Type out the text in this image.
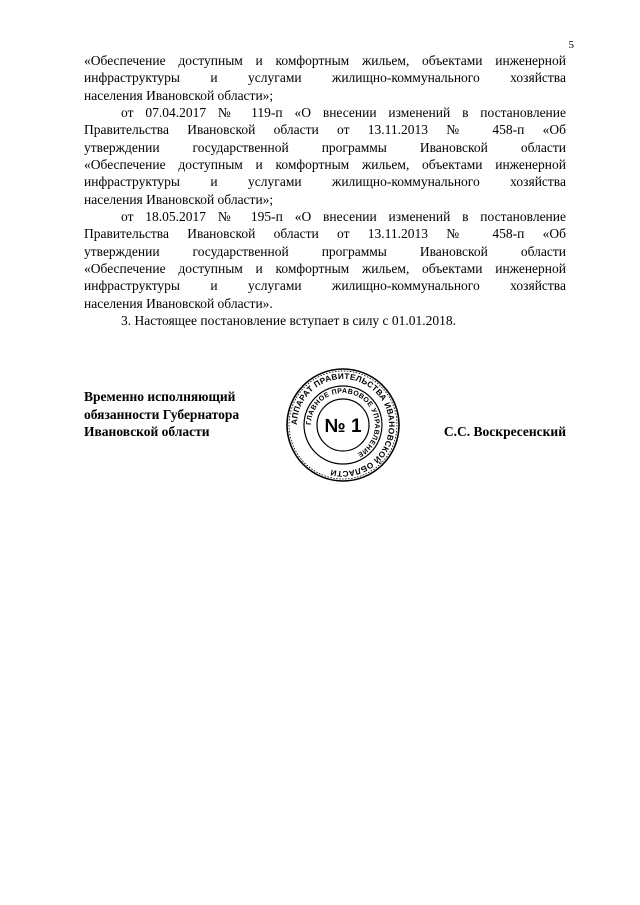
5
«Обеспечение доступным и комфортным жильем, объектами инженерной
инфраструктуры и услугами жилищно-коммунального хозяйства
населения Ивановской области»;
от 07.04.2017 № 119-п «О внесении изменений в постановление
Правительства Ивановской области от 13.11.2013 № 458-п «Об
утверждении государственной программы Ивановской области
«Обеспечение доступным и комфортным жильем, объектами инженерной
инфраструктуры и услугами жилищно-коммунального хозяйства
населения Ивановской области»;
от 18.05.2017 № 195-п «О внесении изменений в постановление
Правительства Ивановской области от 13.11.2013 № 458-п «Об
утверждении государственной программы Ивановской области
«Обеспечение доступным и комфортным жильем, объектами инженерной
инфраструктуры и услугами жилищно-коммунального хозяйства
населения Ивановской области».
3. Настоящее постановление вступает в силу с 01.01.2018.
Временно исполняющий
обязанности Губернатора
Ивановской области
АППАРАТ ПРАВИТЕЛЬСТВА ИВАНОВСКОЙ ОБЛАСТИ
ГЛАВНОЕ ПРАВОВОЕ УПРАВЛЕНИЕ
№ 1	С.С. Воскресенский
